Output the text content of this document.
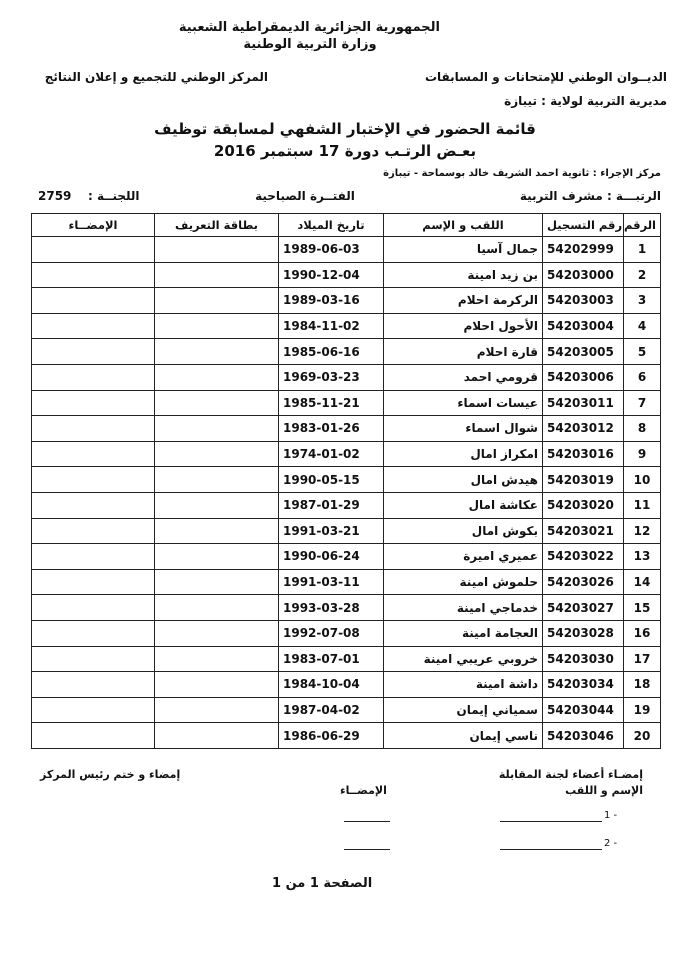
الجمهورية الجزائرية الديمقراطية الشعبية
وزارة التربية الوطنية
الديــوان الوطني للإمتحانات و المسابقات
المركز الوطني للتجميع و إعلان النتائج
مديرية التربية لولاية : تيبازة
قائمة الحضور في الإختبار الشفهي لمسابقة توظيف
بعـض الرتـب دورة 17 سبتمبر 2016
مركز الإجراء : ثانوية احمد الشريف خالد بوسماحة - تيبازة
الرتبـــة : مشرف التربية
الفتــرة الصباحية
اللجنــة :
2759
الرقم	رقم التسجيل	اللقب و الإسم	تاريخ الميلاد	بطاقة التعريف	الإمضــاء
1	54202999	جمال آسيا	1989-06-03		
2	54203000	بن زيد امينة	1990-12-04		
3	54203003	الركرمة احلام	1989-03-16		
4	54203004	الأحول احلام	1984-11-02		
5	54203005	قارة احلام	1985-06-16		
6	54203006	قرومي احمد	1969-03-23		
7	54203011	عيسات اسماء	1985-11-21		
8	54203012	شوال اسماء	1983-01-26		
9	54203016	امكراز امال	1974-01-02		
10	54203019	هيدش امال	1990-05-15		
11	54203020	عكاشة امال	1987-01-29		
12	54203021	بكوش امال	1991-03-21		
13	54203022	عميري اميرة	1990-06-24		
14	54203026	حلموش امينة	1991-03-11		
15	54203027	خدماجي امينة	1993-03-28		
16	54203028	العجامة امينة	1992-07-08		
17	54203030	خروبي عريبي امينة	1983-07-01		
18	54203034	داشة امينة	1984-10-04		
19	54203044	سمياني إيمان	1987-04-02		
20	54203046	ناسي إيمان	1986-06-29		
إمضـاء أعضاء لجنة المقابلة
الإسم و اللقب
الإمضــاء
إمضاء و ختم رئيس المركز
1 -
2 -
الصفحة 1 من 1
